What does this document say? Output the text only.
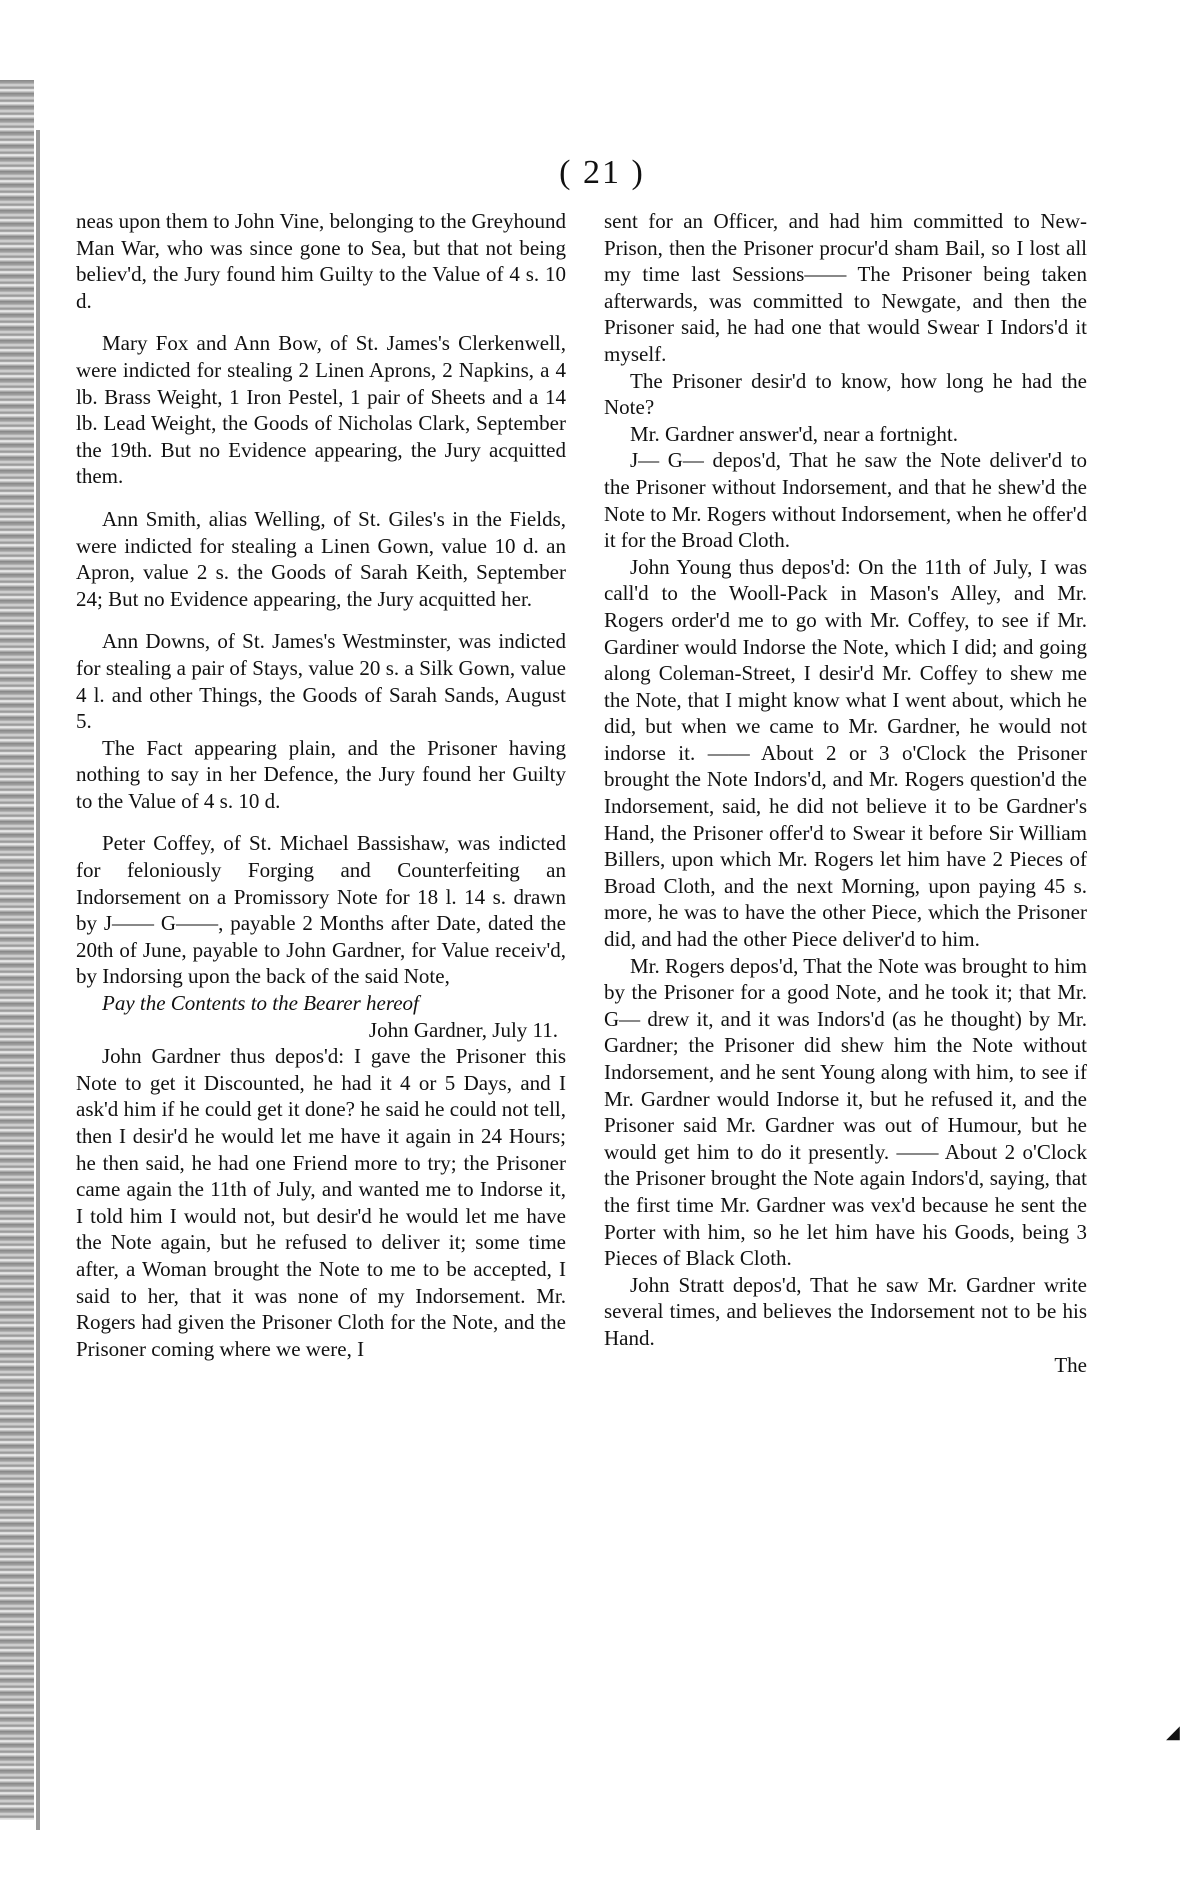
( 21 )

neas upon them to John Vine, belonging to the Greyhound Man War, who was since gone to Sea, but that not being believ'd, the Jury found him Guilty to the Value of 4 s. 10 d.

Mary Fox and Ann Bow, of St. James's Clerkenwell, were indicted for stealing 2 Linen Aprons, 2 Napkins, a 4 lb. Brass Weight, 1 Iron Pestel, 1 pair of Sheets and a 14 lb. Lead Weight, the Goods of Nicholas Clark, September the 19th. But no Evidence appearing, the Jury acquitted them.

Ann Smith, alias Welling, of St. Giles's in the Fields, were indicted for stealing a Linen Gown, value 10 d. an Apron, value 2 s. the Goods of Sarah Keith, September 24; But no Evidence appearing, the Jury acquitted her.

Ann Downs, of St. James's Westminster, was indicted for stealing a pair of Stays, value 20 s. a Silk Gown, value 4 l. and other Things, the Goods of Sarah Sands, August 5.

The Fact appearing plain, and the Prisoner having nothing to say in her Defence, the Jury found her Guilty to the Value of 4 s. 10 d.

Peter Coffey, of St. Michael Bassishaw, was indicted for feloniously Forging and Counterfeiting an Indorsement on a Promissory Note for 18 l. 14 s. drawn by J—— G——, payable 2 Months after Date, dated the 20th of June, payable to John Gardner, for Value receiv'd, by Indorsing upon the back of the said Note,

Pay the Contents to the Bearer hereof

John Gardner, July 11.

John Gardner thus depos'd: I gave the Prisoner this Note to get it Discounted, he had it 4 or 5 Days, and I ask'd him if he could get it done? he said he could not tell, then I desir'd he would let me have it again in 24 Hours; he then said, he had one Friend more to try; the Prisoner came again the 11th of July, and wanted me to Indorse it, I told him I would not, but desir'd he would let me have the Note again, but he refused to deliver it; some time after, a Woman brought the Note to me to be accepted, I said to her, that it was none of my Indorsement. Mr. Rogers had given the Prisoner Cloth for the Note, and the Prisoner coming where we were, I

sent for an Officer, and had him committed to New-Prison, then the Prisoner procur'd sham Bail, so I lost all my time last Sessions—— The Prisoner being taken afterwards, was committed to Newgate, and then the Prisoner said, he had one that would Swear I Indors'd it myself.

The Prisoner desir'd to know, how long he had the Note?

Mr. Gardner answer'd, near a fortnight.

J— G— depos'd, That he saw the Note deliver'd to the Prisoner without Indorsement, and that he shew'd the Note to Mr. Rogers without Indorsement, when he offer'd it for the Broad Cloth.

John Young thus depos'd: On the 11th of July, I was call'd to the Wooll-Pack in Mason's Alley, and Mr. Rogers order'd me to go with Mr. Coffey, to see if Mr. Gardiner would Indorse the Note, which I did; and going along Coleman-Street, I desir'd Mr. Coffey to shew me the Note, that I might know what I went about, which he did, but when we came to Mr. Gardner, he would not indorse it. —— About 2 or 3 o'Clock the Prisoner brought the Note Indors'd, and Mr. Rogers question'd the Indorsement, said, he did not believe it to be Gardner's Hand, the Prisoner offer'd to Swear it before Sir William Billers, upon which Mr. Rogers let him have 2 Pieces of Broad Cloth, and the next Morning, upon paying 45 s. more, he was to have the other Piece, which the Prisoner did, and had the other Piece deliver'd to him.

Mr. Rogers depos'd, That the Note was brought to him by the Prisoner for a good Note, and he took it; that Mr. G— drew it, and it was Indors'd (as he thought) by Mr. Gardner; the Prisoner did shew him the Note without Indorsement, and he sent Young along with him, to see if Mr. Gardner would Indorse it, but he refused it, and the Prisoner said Mr. Gardner was out of Humour, but he would get him to do it presently. —— About 2 o'Clock the Prisoner brought the Note again Indors'd, saying, that the first time Mr. Gardner was vex'd because he sent the Porter with him, so he let him have his Goods, being 3 Pieces of Black Cloth.

John Stratt depos'd, That he saw Mr. Gardner write several times, and believes the Indorsement not to be his Hand.

The

◢
